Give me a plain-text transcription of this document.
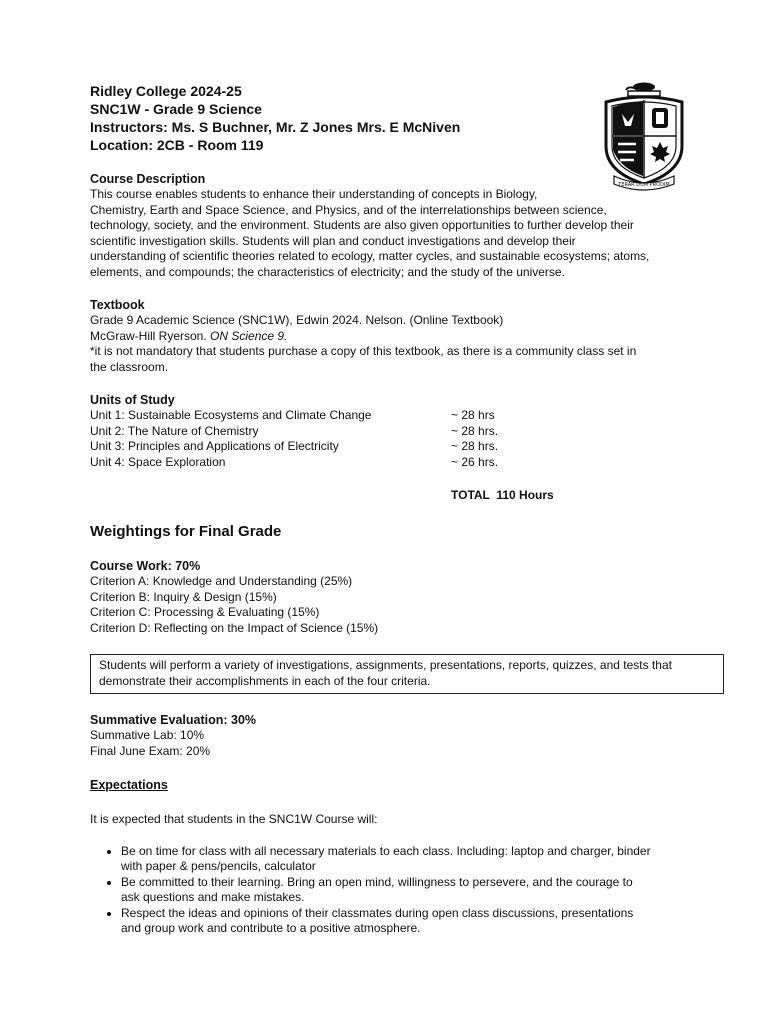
TERAR DUM PRODIM
Ridley College 2024-25
SNC1W - Grade 9 Science
Instructors: Ms. S Buchner, Mr. Z Jones Mrs. E McNiven
Location: 2CB - Room 119
Course Description
This course enables students to enhance their understanding of concepts in Biology,
Chemistry, Earth and Space Science, and Physics, and of the interrelationships between science,
technology, society, and the environment. Students are also given opportunities to further develop their
scientific investigation skills. Students will plan and conduct investigations and develop their
understanding of scientific theories related to ecology, matter cycles, and sustainable ecosystems; atoms,
elements, and compounds; the characteristics of electricity; and the study of the universe.
Textbook
Grade 9 Academic Science (SNC1W), Edwin 2024. Nelson. (Online Textbook)
McGraw-Hill Ryerson. ON Science 9.
*it is not mandatory that students purchase a copy of this textbook, as there is a community class set in
the classroom.
Units of Study
Unit 1: Sustainable Ecosystems and Climate Change	~ 28 hrs
Unit 2: The Nature of Chemistry	~ 28 hrs.
Unit 3: Principles and Applications of Electricity	~ 28 hrs.
Unit 4: Space Exploration	~ 26 hrs.
TOTAL  110 Hours
Weightings for Final Grade
Course Work: 70%
Criterion A: Knowledge and Understanding (25%)
Criterion B: Inquiry & Design (15%)
Criterion C: Processing & Evaluating (15%)
Criterion D: Reflecting on the Impact of Science (15%)
Students will perform a variety of investigations, assignments, presentations, reports, quizzes, and tests that
demonstrate their accomplishments in each of the four criteria.
Summative Evaluation: 30%
Summative Lab: 10%
Final June Exam: 20%
Expectations
It is expected that students in the SNC1W Course will:
• Be on time for class with all necessary materials to each class. Including: laptop and charger, binder
with paper & pens/pencils, calculator
• Be committed to their learning. Bring an open mind, willingness to persevere, and the courage to
ask questions and make mistakes.
• Respect the ideas and opinions of their classmates during open class discussions, presentations
and group work and contribute to a positive atmosphere.
